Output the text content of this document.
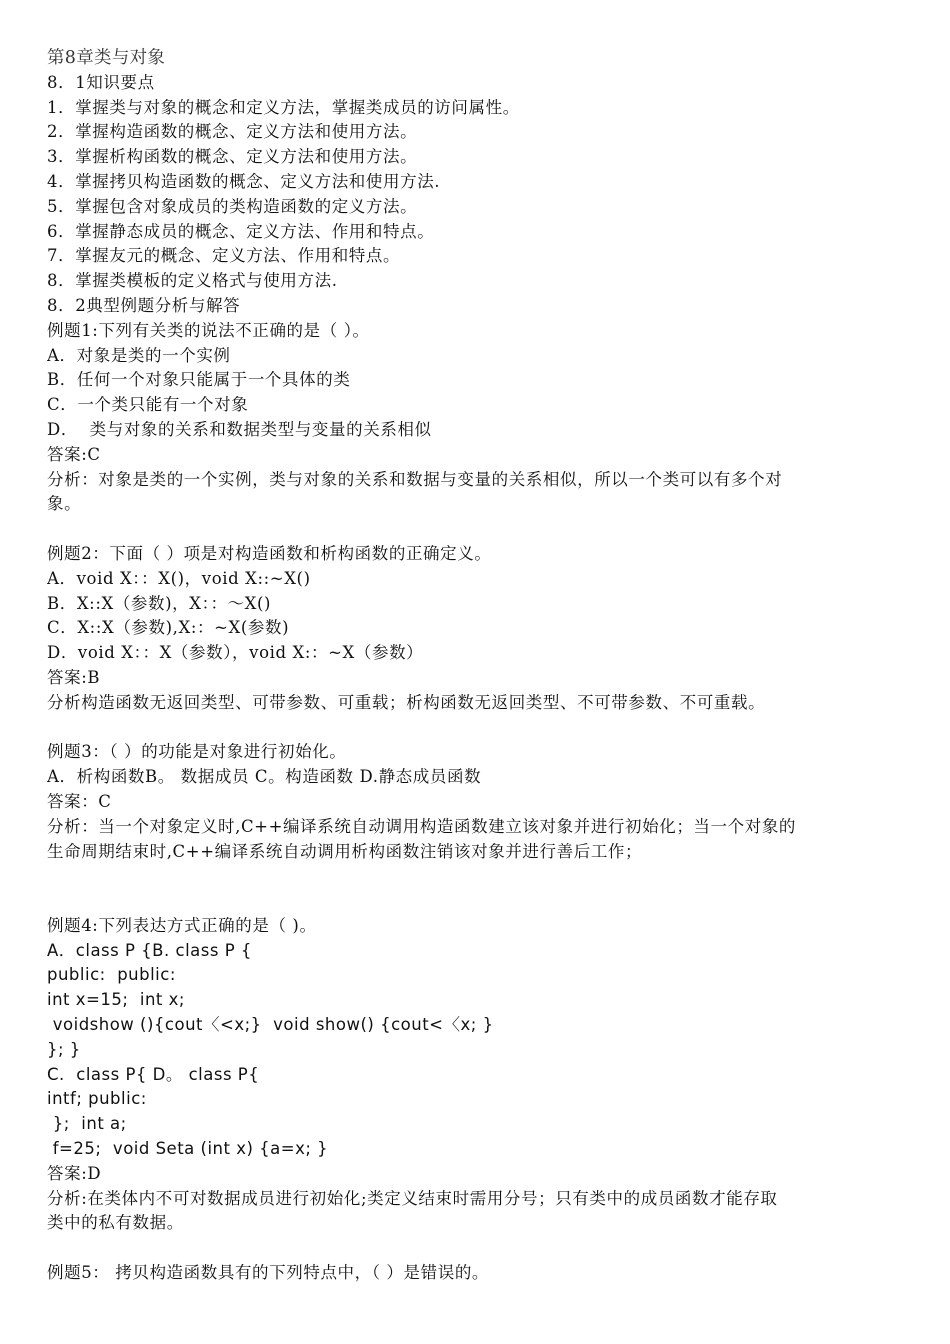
第8章类与对象
8．1知识要点
1．掌握类与对象的概念和定义方法，掌握类成员的访问属性。
2．掌握构造函数的概念、定义方法和使用方法。
3．掌握析构函数的概念、定义方法和使用方法。
4．掌握拷贝构造函数的概念、定义方法和使用方法.
5．掌握包含对象成员的类构造函数的定义方法。
6．掌握静态成员的概念、定义方法、作用和特点。
7．掌握友元的概念、定义方法、作用和特点。
8．掌握类模板的定义格式与使用方法.
8．2典型例题分析与解答
例题1:下列有关类的说法不正确的是（ ）。
A．对象是类的一个实例
B．任何一个对象只能属于一个具体的类
C．一个类只能有一个对象
D．  类与对象的关系和数据类型与变量的关系相似
答案:C
分析：对象是类的一个实例，类与对象的关系和数据与变量的关系相似，所以一个类可以有多个对
象。
例题2：下面（ ）项是对构造函数和析构函数的正确定义。
A．void X：：X()，void X::~X()
B．X::X（参数)，X：：～X()
C．X::X（参数),X:：~X(参数)
D．void X：：X（参数），void X:：~X（参数）
答案:B
分析构造函数无返回类型、可带参数、可重载；析构函数无返回类型、不可带参数、不可重载。
例题3：（ ）的功能是对象进行初始化。
A．析构函数B。 数据成员 C。构造函数 D.静态成员函数
答案：C
分析：当一个对象定义时,C++编译系统自动调用构造函数建立该对象并进行初始化；当一个对象的
生命周期结束时,C++编译系统自动调用析构函数注销该对象并进行善后工作；
例题4:下列表达方式正确的是（ )。
A．class P {B. class P {
public:  public:
int x=15;  int x;
voidshow (){cout〈<x;}  void show() {cout<〈x; }
}; }
C.  class P{ D。 class P{
intf; public:
};  int a;
f=25;  void Seta (int x) {a=x; }
答案:D
分析:在类体内不可对数据成员进行初始化;类定义结束时需用分号；只有类中的成员函数才能存取
类中的私有数据。
例题5： 拷贝构造函数具有的下列特点中，（ ）是错误的。
